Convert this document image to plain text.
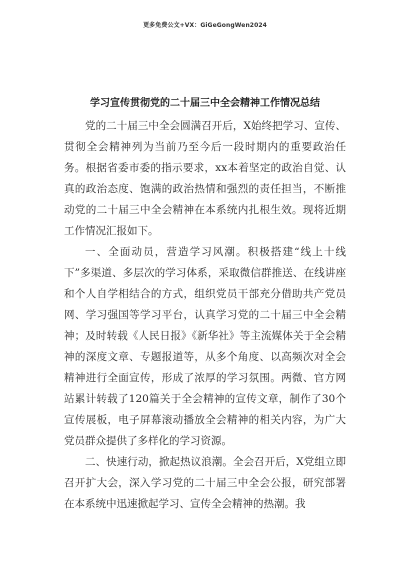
更多免费公文+VX：GiGeGongWen2024
学习宣传贯彻党的二十届三中全会精神工作情况总结

党的二十届三中全会圆满召开后，X始终把学习、宣传、贯彻全会精神列为当前乃至今后一段时期内的重要政治任务。根据省委市委的指示要求，xx本着坚定的政治自觉、认真的政治态度、饱满的政治热情和强烈的责任担当，不断推动党的二十届三中全会精神在本系统内扎根生效。现将近期工作情况汇报如下。

一、全面动员，营造学习风潮。积极搭建“线上十线下”多渠道、多层次的学习体系，采取微信群推送、在线讲座和个人自学相结合的方式，组织党员干部充分借助共产党员网、学习强国等学习平台，认真学习党的二十届三中全会精神；及时转载《人民日报》《新华社》等主流媒体关于全会精神的深度文章、专题报道等，从多个角度、以高频次对全会精神进行全面宣传，形成了浓厚的学习氛围。两微、官方网站累计转载了120篇关于全会精神的宣传文章，制作了30个宣传展板，电子屏幕滚动播放全会精神的相关内容，为广大党员群众提供了多样化的学习资源。

二、快速行动，掀起热议浪潮。全会召开后，X党组立即召开扩大会，深入学习党的二十届三中全会公报，研究部署在本系统中迅速掀起学习、宣传全会精神的热潮。我
